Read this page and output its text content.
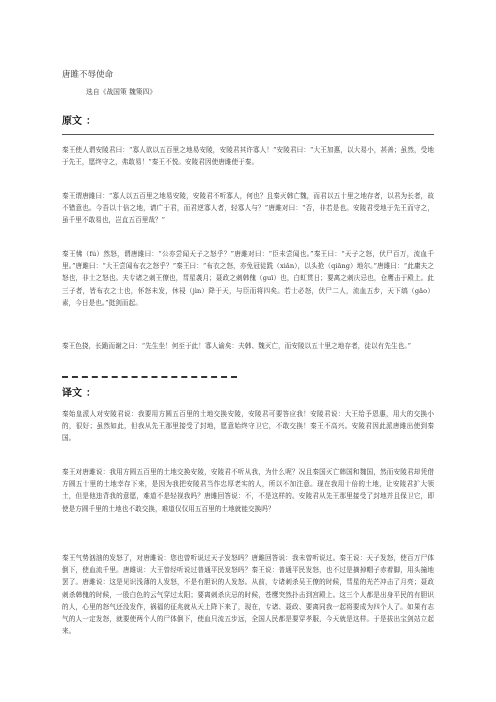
唐雎不辱使命
选自《战国策 魏策四》
原文 ：
秦王使人谓安陵君曰：“寡人欲以五百里之地易安陵，安陵君其许寡人！”安陵君曰：“大王加惠，以大易小，甚善；虽然，受地于先王，愿终守之，弗敢易！”秦王不悦。安陵君因使唐雎使于秦。
秦王谓唐雎曰：“寡人以五百里之地易安陵，安陵君不听寡人，何也？且秦灭韩亡魏，而君以五十里之地存者，以君为长者，故不错意也。今吾以十倍之地，请广于君，而君逆寡人者，轻寡人与？”唐雎对曰：“否，非若是也。安陵君受地于先王而守之，虽千里不敢易也，岂直五百里哉？”
秦王怫（fú）然怒，谓唐雎曰：“公亦尝闻天子之怒乎？”唐雎对曰：“臣未尝闻也。”秦王曰：“天子之怒，伏尸百万，流血千里。”唐雎曰：“大王尝闻布衣之怒乎？”秦王曰：“布衣之怒，亦免冠徒跣（xiǎn），以头抢（qiāng）地尔。”唐雎曰：“此庸夫之怒也，非士之怒也。夫专诸之刺王僚也，彗星袭月；聂政之刺韩傀（guī）也，白虹贯日；要离之刺庆忌也，仓鹰击于殿上。此三子者，皆布衣之士也，怀怒未发，休祲（jìn）降于天，与臣而将四矣。若士必怒，伏尸二人，流血五步，天下缟（gǎo）素，今日是也。”挺剑而起。
秦王色挠，长跪而谢之曰：“先生坐！何至于此！寡人谕矣：夫韩、魏灭亡，而安陵以五十里之地存者，徒以有先生也。”
译文 ：
秦始皇派人对安陵君说：我要用方圆五百里的土地交换安陵，安陵君可要答应我！安陵君说：大王给予恩惠，用大的交换小的，很好；虽然如此，但我从先王那里接受了封地，愿意始终守卫它，不敢交换！秦王不高兴。安陵君因此派唐雎出使到秦国。
秦王对唐雎说：我用方圆五百里的土地交换安陵，安陵君不听从我，为什么呢？况且秦国灭亡韩国和魏国，然而安陵君却凭借方圆五十里的土地幸存下来，是因为我把安陵君当作忠厚老实的人，所以不加注意。现在我用十倍的土地，让安陵君扩大领土，但是他违背我的意愿，难道不是轻视我吗？唐雎回答说：不，不是这样的。安陵君从先王那里接受了封地并且保卫它，即使是方圆千里的土地也不敢交换，难道仅仅用五百里的土地就能交换吗？
秦王气势汹汹的发怒了，对唐雎说：您也曾听说过天子发怒吗？唐雎回答说：我未曾听说过。秦王说：天子发怒，使百万尸体倒下，使血流千里。唐雎说：大王曾经听说过普通平民发怒吗？秦王说：普通平民发怒，也不过是摘掉帽子赤着脚，用头撞地罢了。唐雎说：这是见识浅薄的人发怒，不是有胆识的人发怒。从前，专诸刺杀吴王僚的时候，彗星的光芒冲击了月亮；聂政刺杀韩傀的时候，一股白色的云气穿过太阳；要离刺杀庆忌的时候，苍鹰突然扑击到宫殿上。这三个人都是出身平民的有胆识的人，心里的怒气还没发作，祸福的征兆就从天上降下来了，现在，专诸、聂政、要离同我一起将要成为四个人了。如果有志气的人一定发怒，就要使两个人的尸体倒下，使血只流五步远，全国人民都是要穿孝服，今天就是这样。于是拔出宝剑站立起来。
